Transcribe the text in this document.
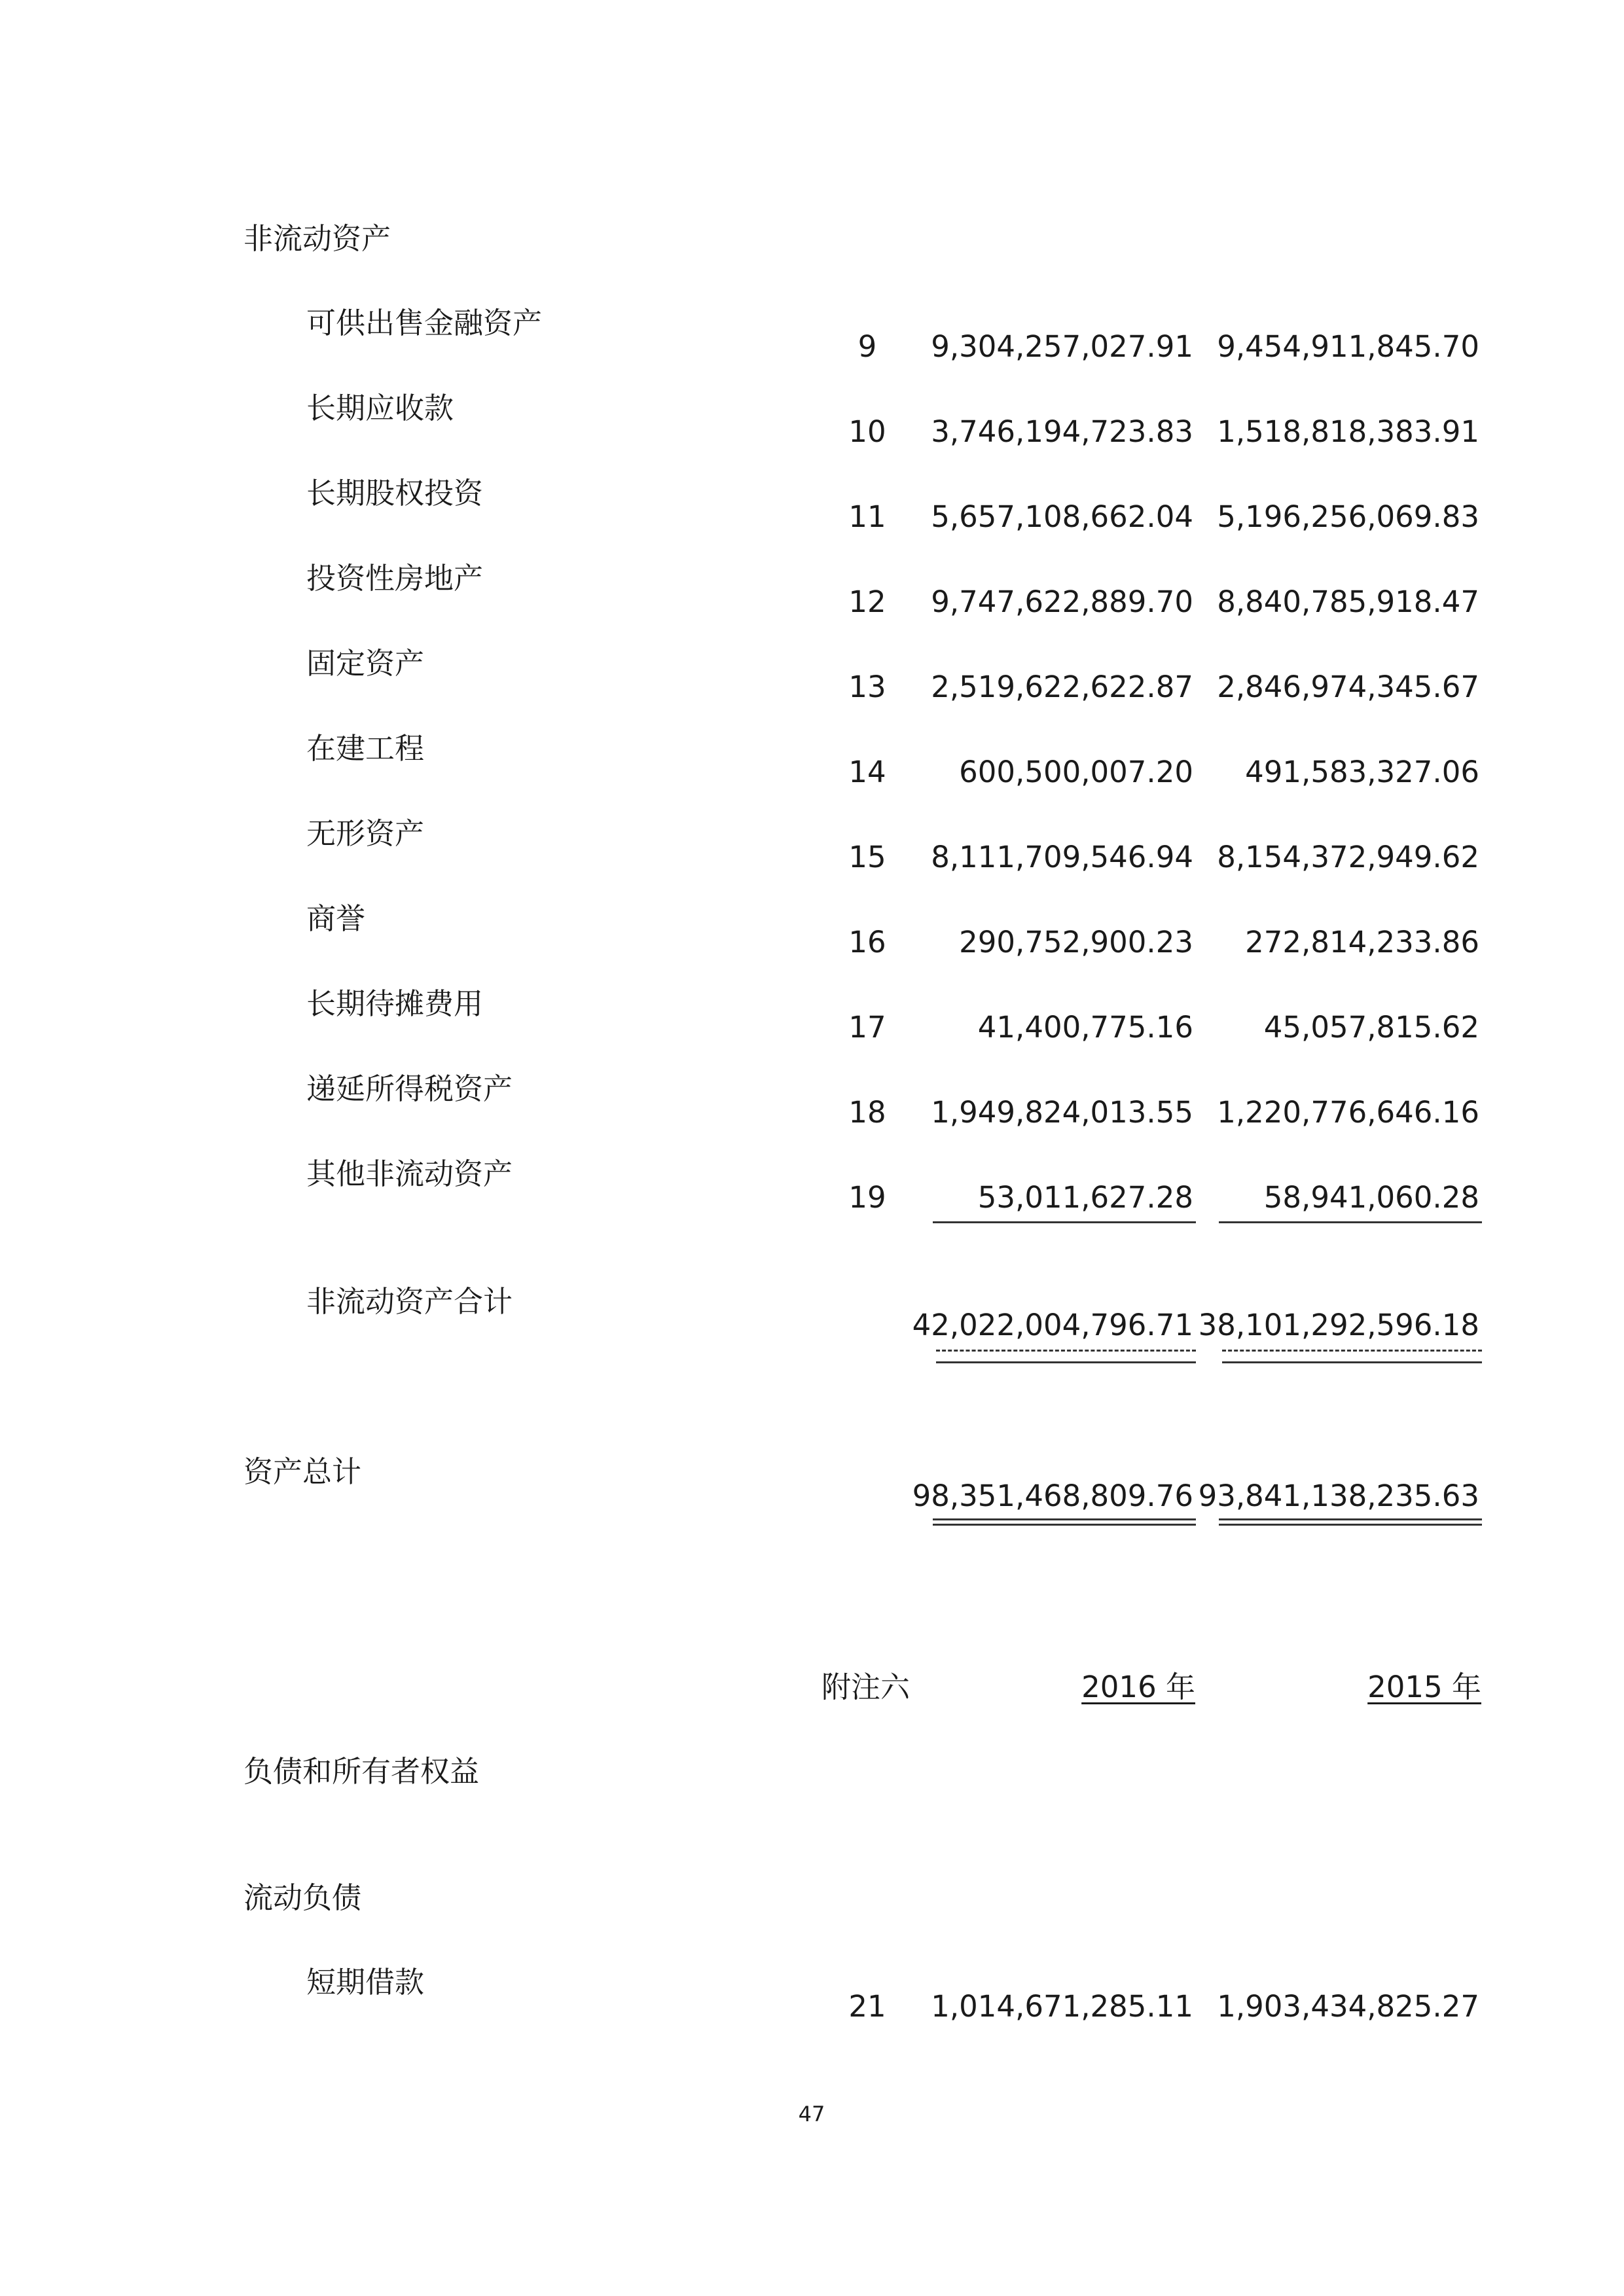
非流动资产
可供出售金融资产
9	9,304,257,027.91 9,454,911,845.70
长期应收款
10	3,746,194,723.83 1,518,818,383.91
长期股权投资
11	5,657,108,662.04 5,196,256,069.83
投资性房地产
12	9,747,622,889.70 8,840,785,918.47
固定资产
13	2,519,622,622.87 2,846,974,345.67
在建工程
14	600,500,007.20 491,583,327.06
无形资产
15	8,111,709,546.94 8,154,372,949.62
商誉
16	290,752,900.23 272,814,233.86
长期待摊费用
17	41,400,775.16 45,057,815.62
递延所得税资产
18	1,949,824,013.55 1,220,776,646.16
其他非流动资产
19	53,011,627.28 58,941,060.28
非流动资产合计
42,022,004,796.71 38,101,292,596.18
资产总计
98,351,468,809.76 93,841,138,235.63
附注六	2016 年	2015 年
负债和所有者权益
流动负债
短期借款
21	1,014,671,285.11 1,903,434,825.27
47
